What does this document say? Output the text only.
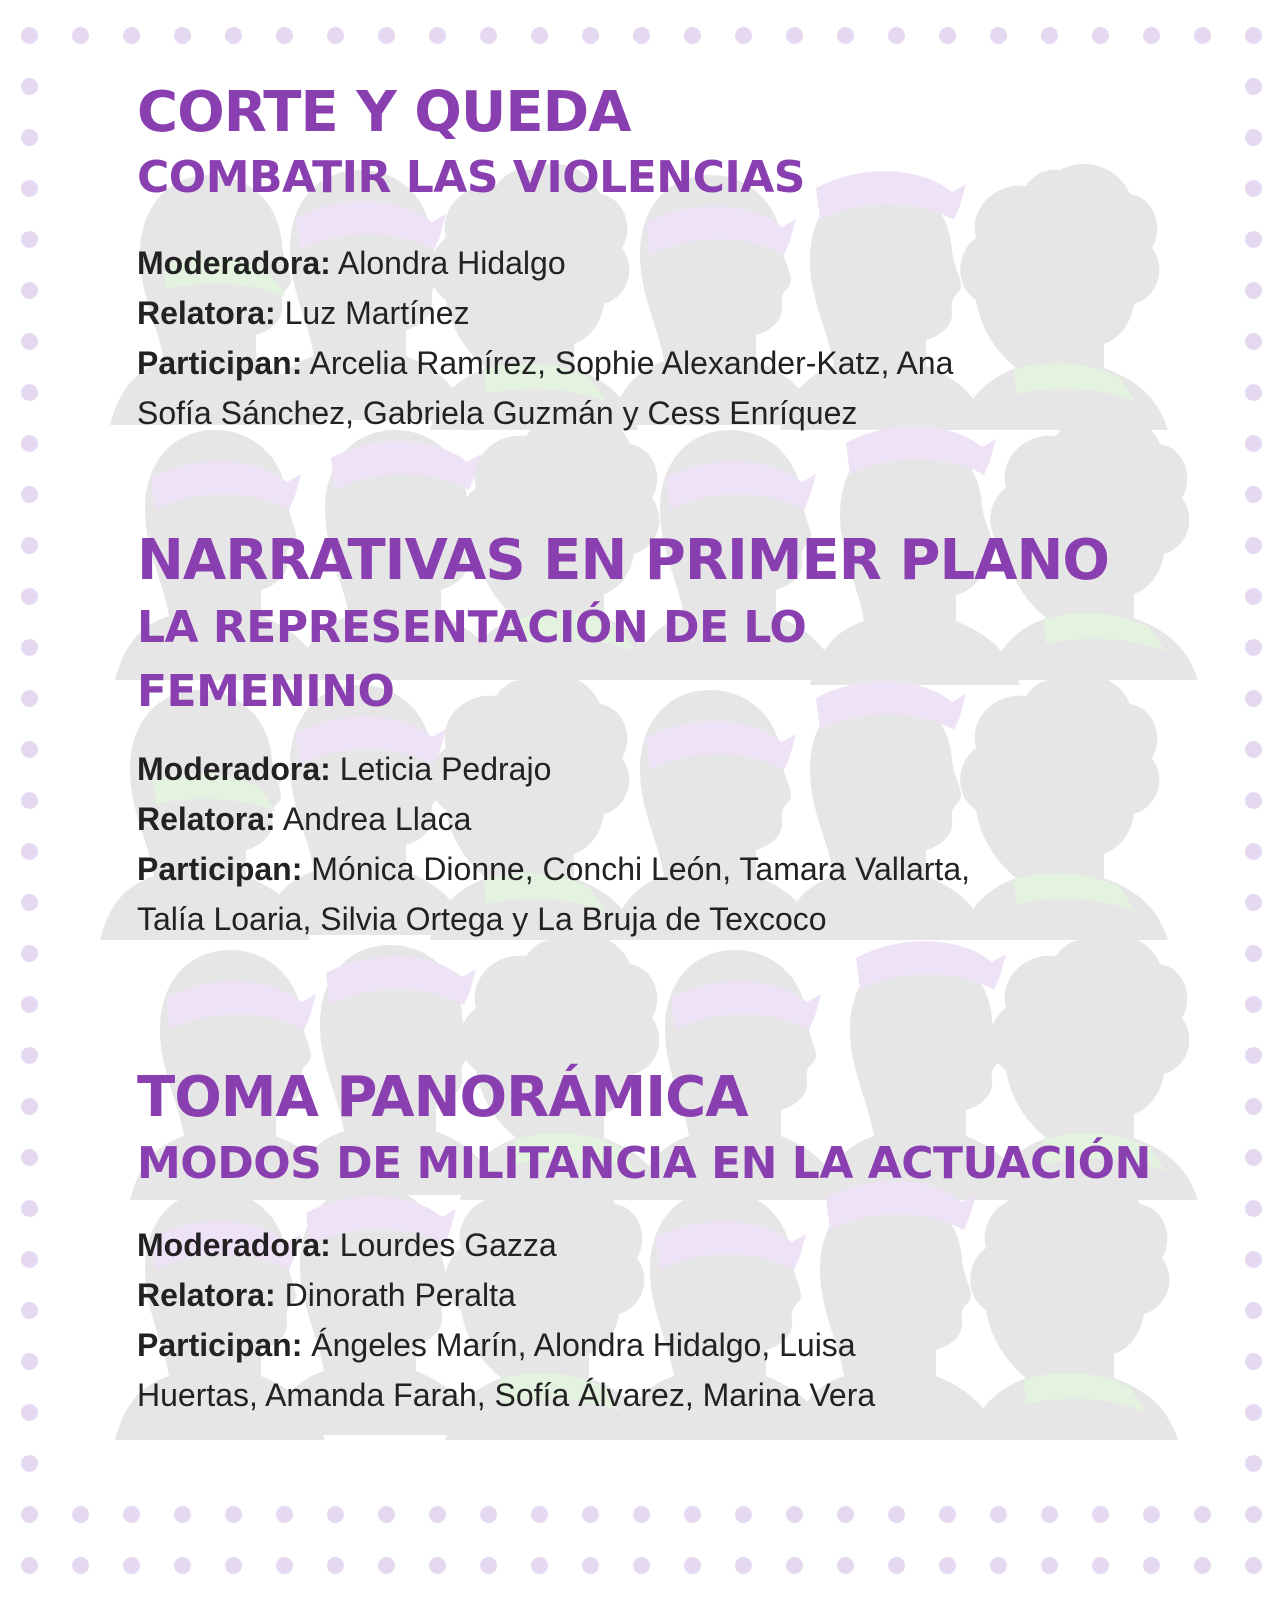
CORTE Y QUEDA
COMBATIR LAS VIOLENCIAS

Moderadora: Alondra Hidalgo

Relatora: Luz Martínez

Participan: Arcelia Ramírez, Sophie Alexander-Katz, Ana

Sofía Sánchez, Gabriela Guzmán y Cess Enríquez

NARRATIVAS EN PRIMER PLANO
LA REPRESENTACIÓN DE LO FEMENINO

Moderadora: Leticia Pedrajo

Relatora: Andrea Llaca

Participan: Mónica Dionne, Conchi León, Tamara Vallarta,

Talía Loaria, Silvia Ortega y La Bruja de Texcoco

TOMA PANORÁMICA
MODOS DE MILITANCIA EN LA ACTUACIÓN

Moderadora: Lourdes Gazza

Relatora: Dinorath Peralta

Participan: Ángeles Marín, Alondra Hidalgo, Luisa

Huertas, Amanda Farah, Sofía Álvarez, Marina Vera
